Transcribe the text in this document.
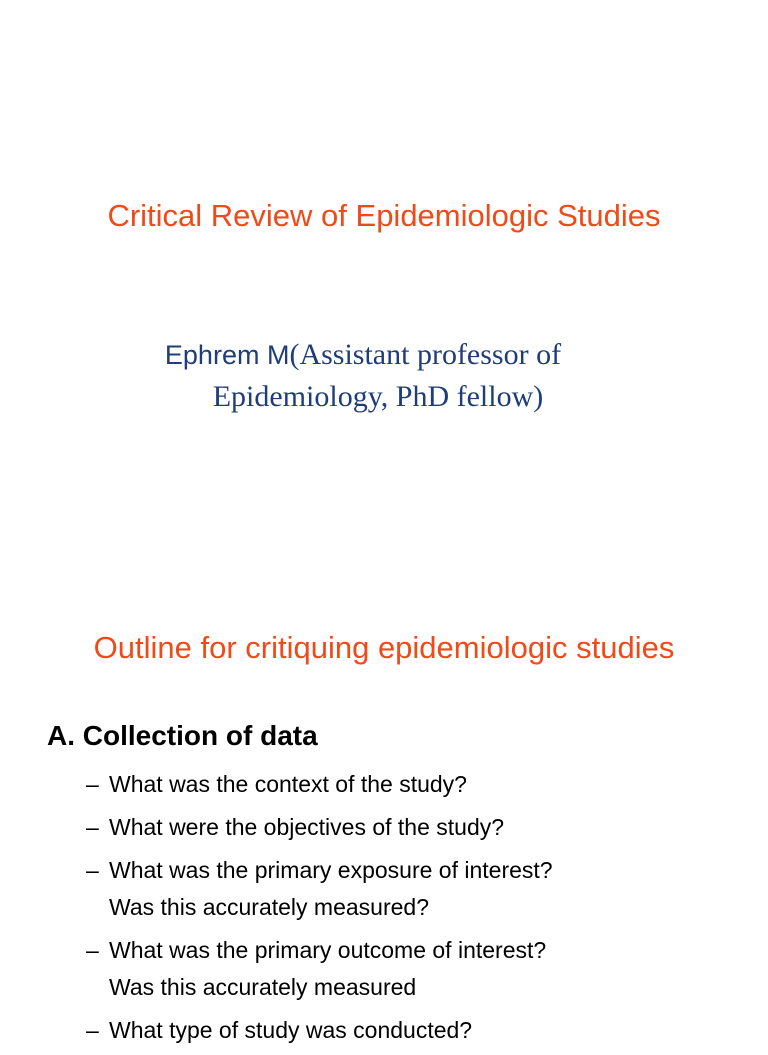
Critical Review of Epidemiologic Studies
Ephrem M(Assistant professor of
Epidemiology, PhD fellow)
Outline for critiquing epidemiologic studies
A. Collection of data
– What was the context of the study?
– What were the objectives of the study?
– What was the primary exposure of interest?
Was this accurately measured?
– What was the primary outcome of interest?
Was this accurately measured
– What type of study was conducted?
